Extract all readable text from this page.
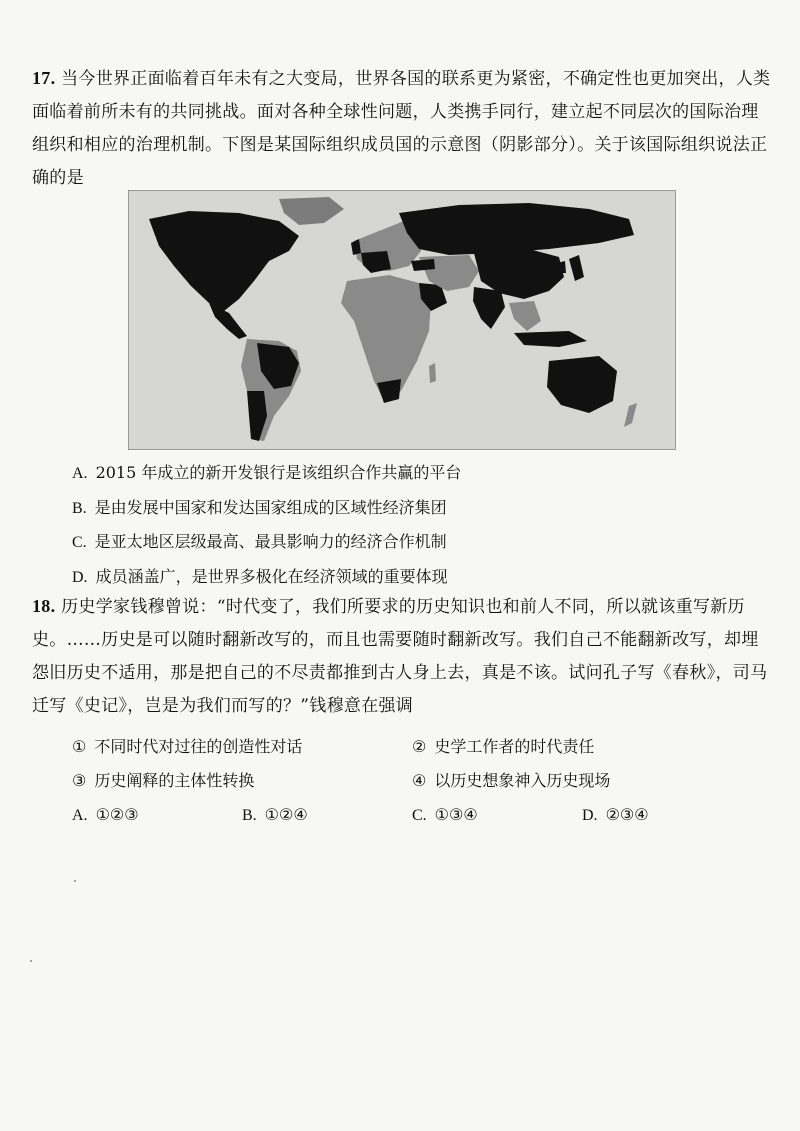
17. 当今世界正面临着百年未有之大变局，世界各国的联系更为紧密，不确定性也更加突出，人类面临着前所未有的共同挑战。面对各种全球性问题，人类携手同行，建立起不同层次的国际治理组织和相应的治理机制。下图是某国际组织成员国的示意图（阴影部分）。关于该国际组织说法正确的是
A. 2015 年成立的新开发银行是该组织合作共赢的平台
B. 是由发展中国家和发达国家组成的区域性经济集团
C. 是亚太地区层级最高、最具影响力的经济合作机制
D. 成员涵盖广，是世界多极化在经济领域的重要体现
18. 历史学家钱穆曾说：“时代变了，我们所要求的历史知识也和前人不同，所以就该重写新历史。……历史是可以随时翻新改写的，而且也需要随时翻新改写。我们自己不能翻新改写，却埋怨旧历史不适用，那是把自己的不尽责都推到古人身上去，真是不该。试问孔子写《春秋》，司马迁写《史记》，岂是为我们而写的？”钱穆意在强调
① 不同时代对过往的创造性对话	② 史学工作者的时代责任
③ 历史阐释的主体性转换	④ 以历史想象神入历史现场
A. ①②③	B. ①②④	C. ①③④	D. ②③④
